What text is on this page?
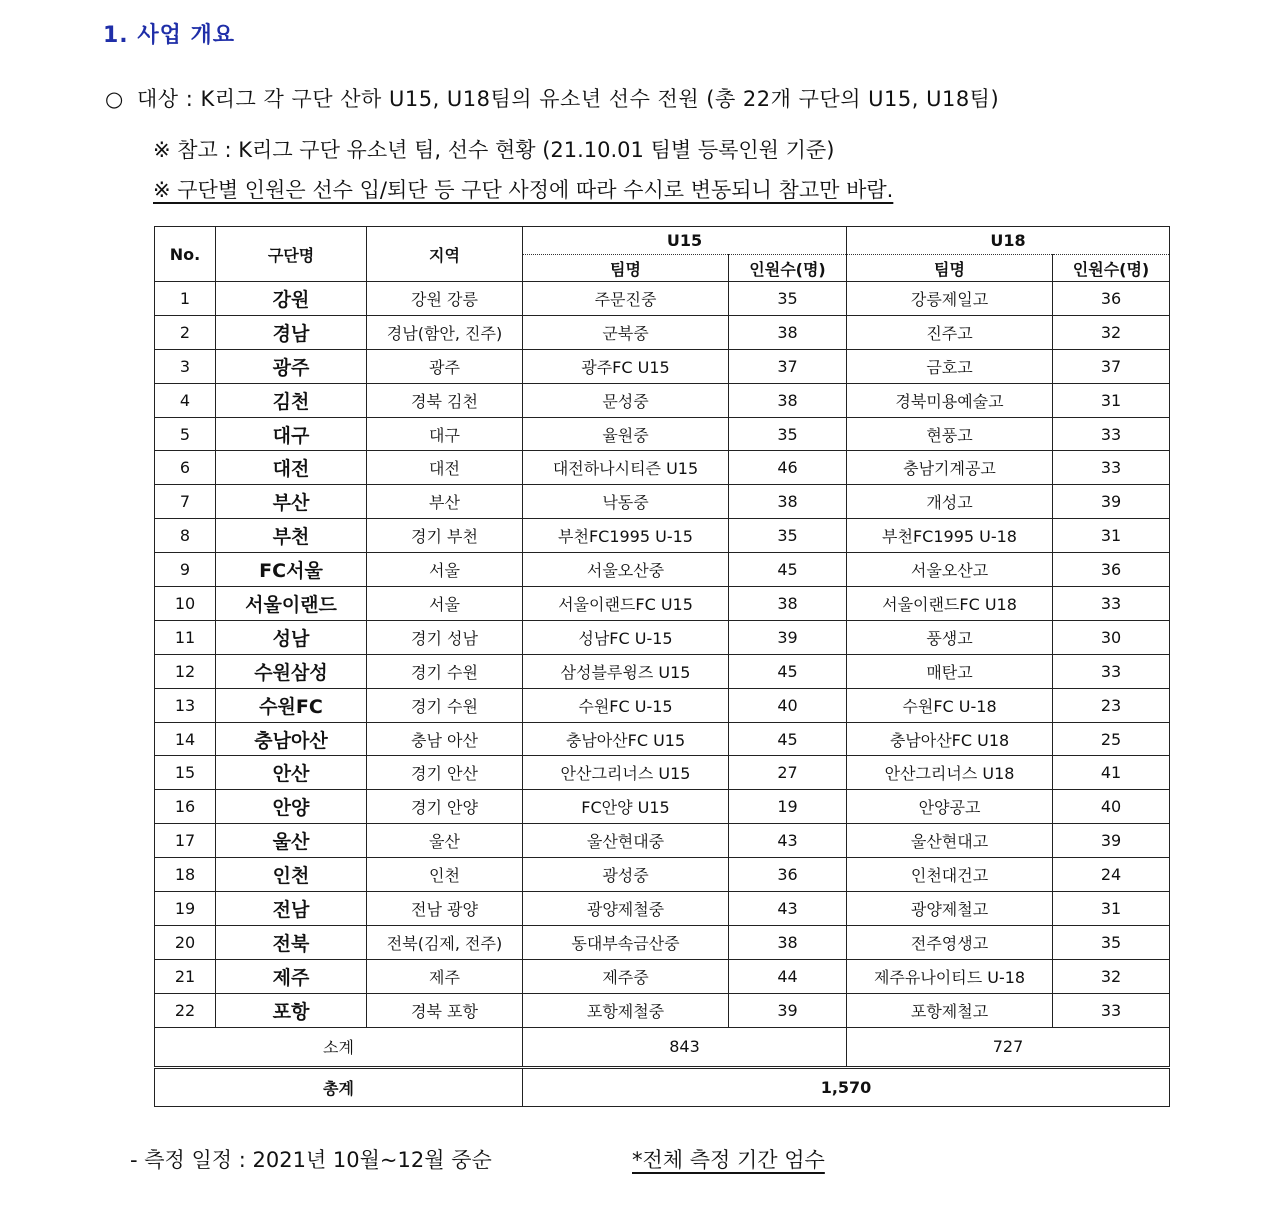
1. 사업 개요
○ 대상 : K리그 각 구단 산하 U15, U18팀의 유소년 선수 전원 (총 22개 구단의 U15, U18팀)
※ 참고 : K리그 구단 유소년 팀, 선수 현황 (21.10.01 팀별 등록인원 기준)
※ 구단별 인원은 선수 입/퇴단 등 구단 사정에 따라 수시로 변동되니 참고만 바람.
No.	구단명	지역	U15		U18	
			팀명	인원수(명)	팀명	인원수(명)
1	강원	강원 강릉	주문진중	35	강릉제일고	36
2	경남	경남(함안, 진주)	군북중	38	진주고	32
3	광주	광주	광주FC U15	37	금호고	37
4	김천	경북 김천	문성중	38	경북미용예술고	31
5	대구	대구	율원중	35	현풍고	33
6	대전	대전	대전하나시티즌 U15	46	충남기계공고	33
7	부산	부산	낙동중	38	개성고	39
8	부천	경기 부천	부천FC1995 U-15	35	부천FC1995 U-18	31
9	FC서울	서울	서울오산중	45	서울오산고	36
10	서울이랜드	서울	서울이랜드FC U15	38	서울이랜드FC U18	33
11	성남	경기 성남	성남FC U-15	39	풍생고	30
12	수원삼성	경기 수원	삼성블루윙즈 U15	45	매탄고	33
13	수원FC	경기 수원	수원FC U-15	40	수원FC U-18	23
14	충남아산	충남 아산	충남아산FC U15	45	충남아산FC U18	25
15	안산	경기 안산	안산그리너스 U15	27	안산그리너스 U18	41
16	안양	경기 안양	FC안양 U15	19	안양공고	40
17	울산	울산	울산현대중	43	울산현대고	39
18	인천	인천	광성중	36	인천대건고	24
19	전남	전남 광양	광양제철중	43	광양제철고	31
20	전북	전북(김제, 전주)	동대부속금산중	38	전주영생고	35
21	제주	제주	제주중	44	제주유나이티드 U-18	32
22	포항	경북 포항	포항제철중	39	포항제철고	33
소계			843		727	
총계			1,570			
- 측정 일정 : 2021년 10월~12월 중순	*전체 측정 기간 엄수
